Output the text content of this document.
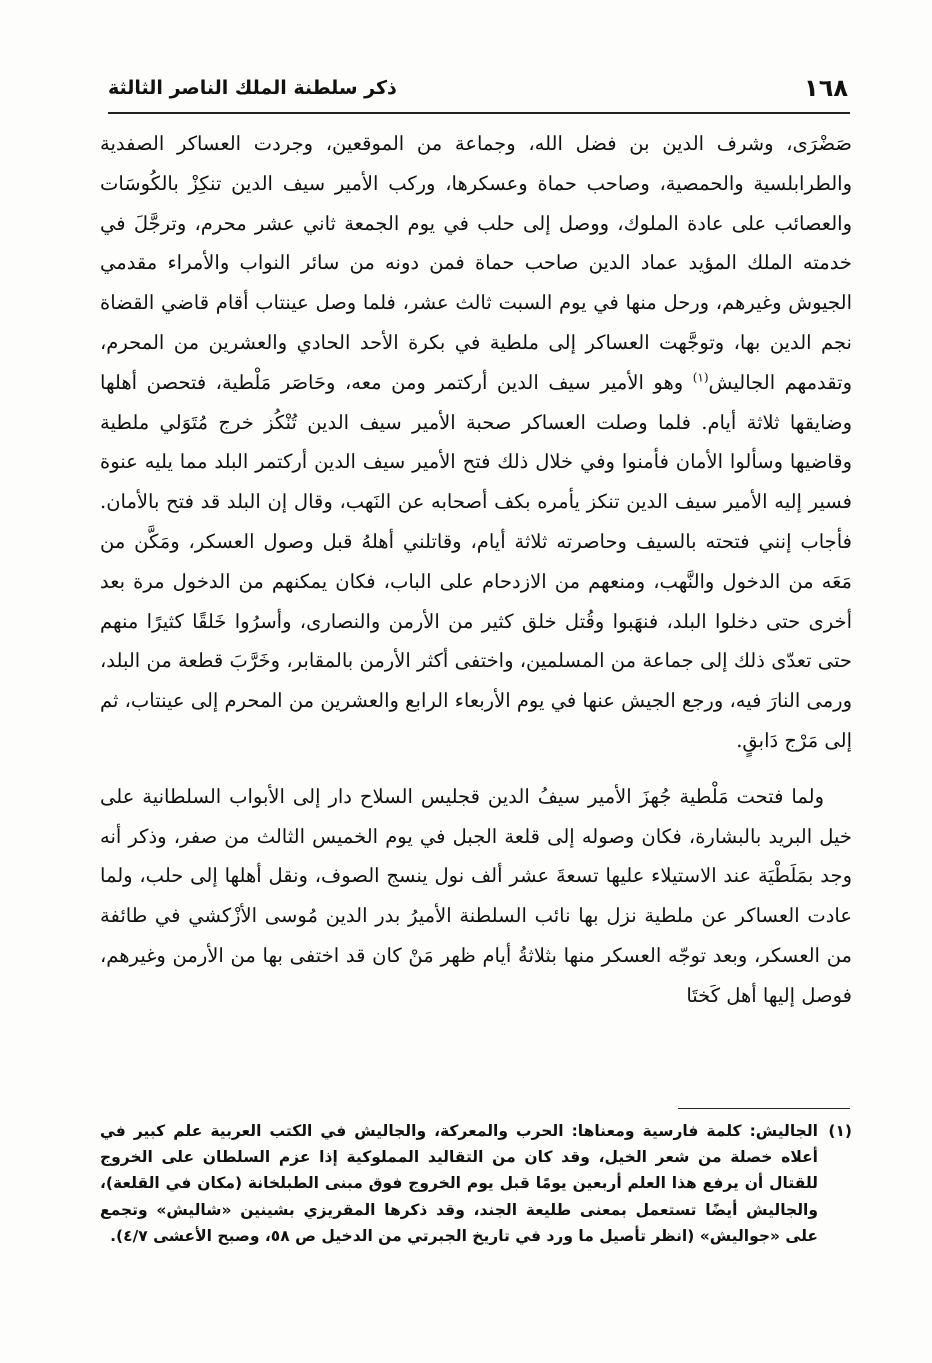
١٦٨
ذكر سلطنة الملك الناصر الثالثة

صَضْرَى، وشرف الدين بن فضل الله، وجماعة من الموقعين، وجردت العساكر الصفدية والطرابلسية والحمصية، وصاحب حماة وعسكرها، وركب الأمير سيف الدين تنكِزْ بالكُوسَات والعصائب على عادة الملوك، ووصل إلى حلب في يوم الجمعة ثاني عشر محرم، وترجَّلَ في خدمته الملك المؤيد عماد الدين صاحب حماة فمن دونه من سائر النواب والأمراء مقدمي الجيوش وغيرهم، ورحل منها في يوم السبت ثالث عشر، فلما وصل عينتاب أقام قاضي القضاة نجم الدين بها، وتوجَّهت العساكر إلى ملطية في بكرة الأحد الحادي والعشرين من المحرم، وتقدمهم الجاليش$^{(١)}$ وهو الأمير سيف الدين أركتمر ومن معه، وحَاصَر مَلْطية، فتحصن أهلها وضايقها ثلاثة أيام. فلما وصلت العساكر صحبة الأمير سيف الدين تُنْكُز خرج مُتَوَلي ملطية وقاضيها وسألوا الأمان فأمنوا وفي خلال ذلك فتح الأمير سيف الدين أركتمر البلد مما يليه عنوة فسير إليه الأمير سيف الدين تنكز يأمره بكف أصحابه عن النَهب، وقال إن البلد قد فتح بالأمان. فأجاب إنني فتحته بالسيف وحاصرته ثلاثة أيام، وقاتلني أهلهُ قبل وصول العسكر، ومَكَّن من مَعَه من الدخول والنَّهب، ومنعهم من الازدحام على الباب، فكان يمكنهم من الدخول مرة بعد أخرى حتى دخلوا البلد، فنهَبوا وقُتل خلق كثير من الأرمن والنصارى، وأسرُوا خَلقًا كثيرًا منهم حتى تعدّى ذلك إلى جماعة من المسلمين، واختفى أكثر الأرمن بالمقابر، وخَرَّبَ قطعة من البلد، ورمى النارَ فيه، ورجع الجيش عنها في يوم الأربعاء الرابع والعشرين من المحرم إلى عينتاب، ثم إلى مَرْج دَابقٍ.

ولما فتحت مَلْطية جُهزَ الأمير سيفُ الدين قجليس السلاح دار إلى الأبواب السلطانية على خيل البريد بالبشارة، فكان وصوله إلى قلعة الجبل في يوم الخميس الثالث من صفر، وذكر أنه وجد بمَلَطْيَة عند الاستيلاء عليها تسعةَ عشر ألف نول ينسج الصوف، ونقل أهلها إلى حلب، ولما عادت العساكر عن ملطية نزل بها نائب السلطنة الأميرُ بدر الدين مُوسى الأزْكشي في طائفة من العسكر، وبعد توجّه العسكر منها بثلاثةُ أيام ظهر مَنْ كان قد اختفى بها من الأرمن وغيرهم، فوصل إليها أهل كَختَا

(١)

الجاليش: كلمة فارسية ومعناها: الحرب والمعركة، والجاليش في الكتب العربية علم كبير في أعلاه خصلة من شعر الخيل، وقد كان من التقاليد المملوكية إذا عزم السلطان على الخروج للقتال أن يرفع هذا العلم أربعين يومًا قبل يوم الخروج فوق مبنى الطبلخانة (مكان في القلعة)، والجاليش أيضًا تستعمل بمعنى طليعة الجند، وقد ذكرها المقريزي بشينين «شاليش» وتجمع على «جواليش» (انظر تأصيل ما ورد في تاريخ الجبرتي من الدخيل ص ٥٨، وصبح الأعشى ٤/٧).
